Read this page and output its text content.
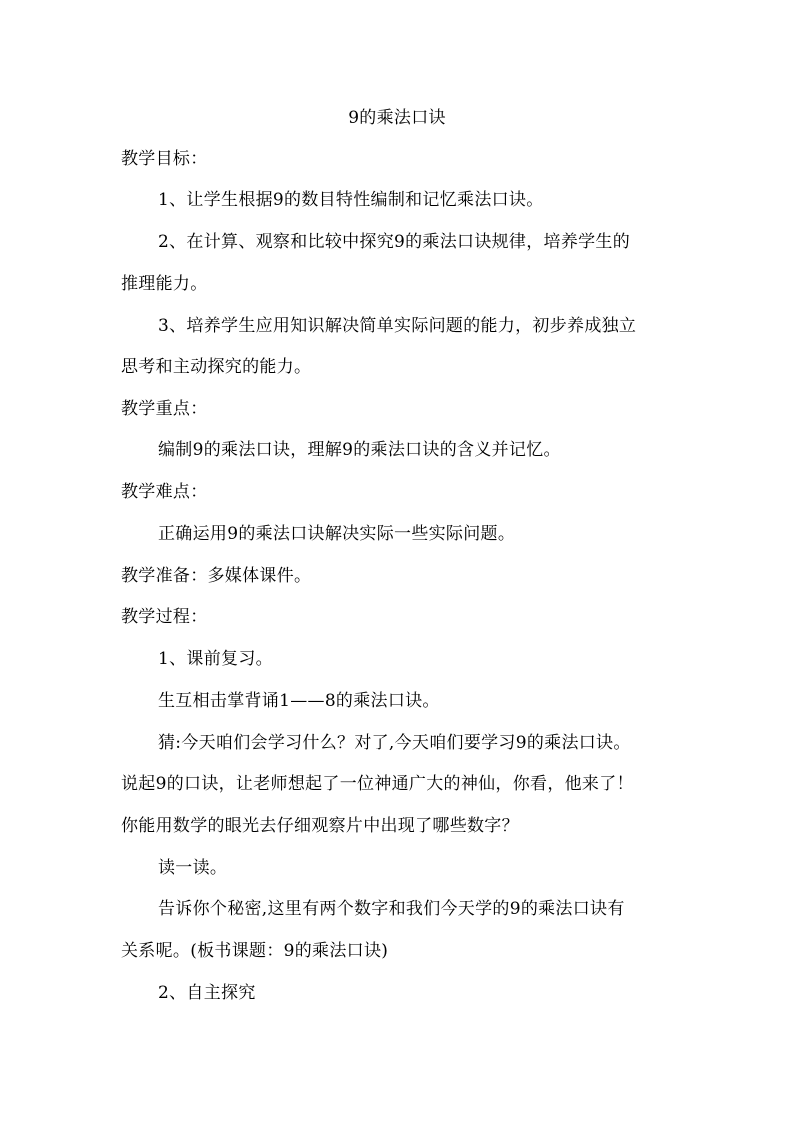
9的乘法口诀
教学目标：
1、让学生根据9的数目特性编制和记忆乘法口诀。
2、在计算、观察和比较中探究9的乘法口诀规律，培养学生的
推理能力。
3、培养学生应用知识解决简单实际问题的能力，初步养成独立
思考和主动探究的能力。
教学重点：
编制9的乘法口诀，理解9的乘法口诀的含义并记忆。
教学难点：
正确运用9的乘法口诀解决实际一些实际问题。
教学准备：多媒体课件。
教学过程：
1、课前复习。
生互相击掌背诵1——8的乘法口诀。
猜:今天咱们会学习什么？对了,今天咱们要学习9的乘法口诀。
说起9的口诀，让老师想起了一位神通广大的神仙，你看，他来了！
你能用数学的眼光去仔细观察片中出现了哪些数字？
读一读。
告诉你个秘密,这里有两个数字和我们今天学的9的乘法口诀有
关系呢。(板书课题：9的乘法口诀)
2、自主探究
